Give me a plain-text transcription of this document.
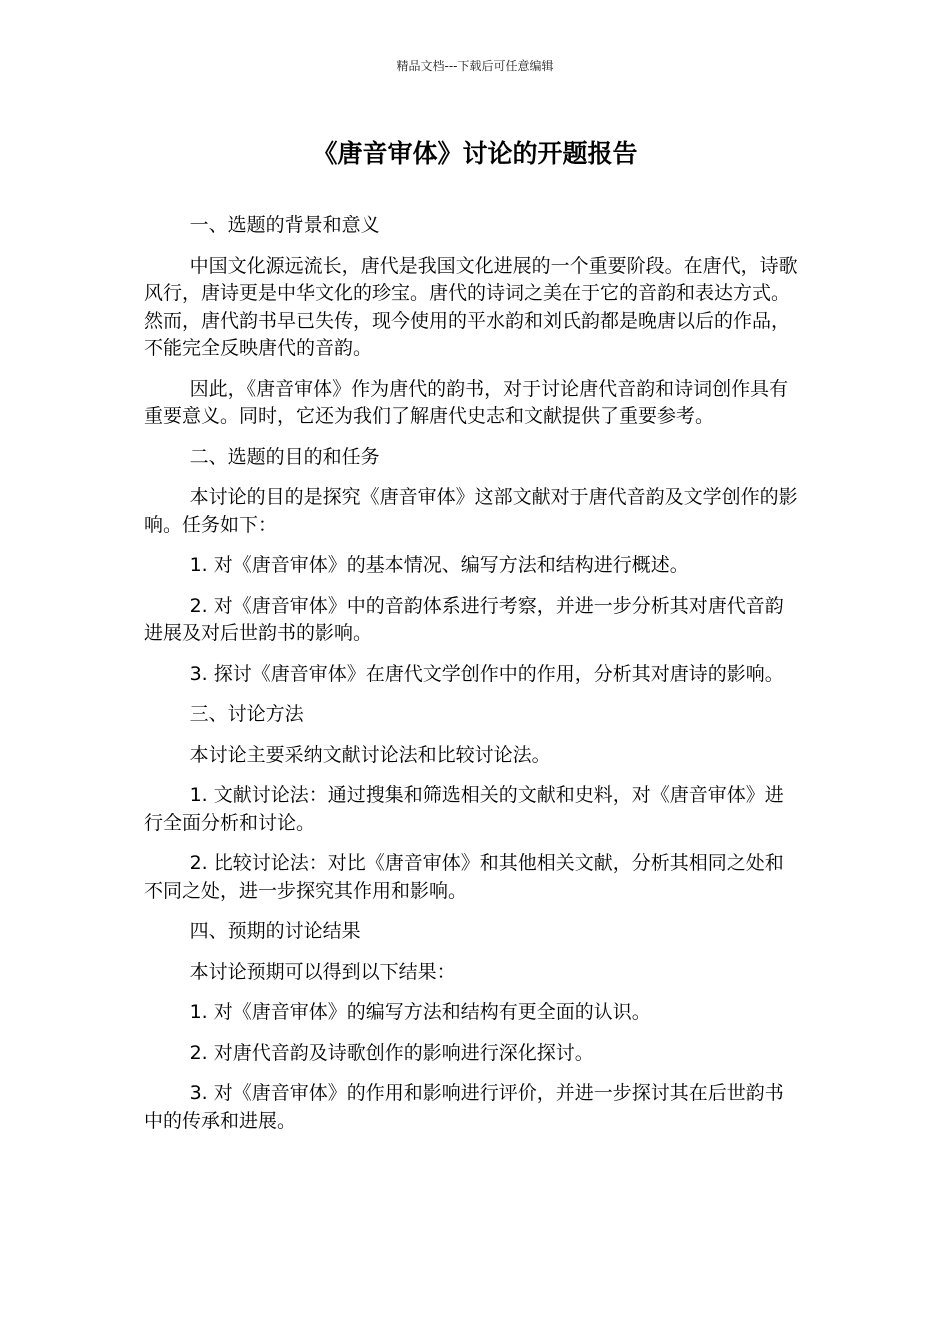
精品文档---下载后可任意编辑
《唐音审体》讨论的开题报告

一、选题的背景和意义

中国文化源远流长，唐代是我国文化进展的一个重要阶段。在唐代，诗歌风行，唐诗更是中华文化的珍宝。唐代的诗词之美在于它的音韵和表达方式。然而，唐代韵书早已失传，现今使用的平水韵和刘氏韵都是晚唐以后的作品，不能完全反映唐代的音韵。

因此，《唐音审体》作为唐代的韵书，对于讨论唐代音韵和诗词创作具有重要意义。同时，它还为我们了解唐代史志和文献提供了重要参考。

二、选题的目的和任务

本讨论的目的是探究《唐音审体》这部文献对于唐代音韵及文学创作的影响。任务如下：

1. 对《唐音审体》的基本情况、编写方法和结构进行概述。

2. 对《唐音审体》中的音韵体系进行考察，并进一步分析其对唐代音韵进展及对后世韵书的影响。

3. 探讨《唐音审体》在唐代文学创作中的作用，分析其对唐诗的影响。

三、讨论方法

本讨论主要采纳文献讨论法和比较讨论法。

1. 文献讨论法：通过搜集和筛选相关的文献和史料，对《唐音审体》进行全面分析和讨论。

2. 比较讨论法：对比《唐音审体》和其他相关文献，分析其相同之处和不同之处，进一步探究其作用和影响。

四、预期的讨论结果

本讨论预期可以得到以下结果：

1. 对《唐音审体》的编写方法和结构有更全面的认识。

2. 对唐代音韵及诗歌创作的影响进行深化探讨。

3. 对《唐音审体》的作用和影响进行评价，并进一步探讨其在后世韵书中的传承和进展。
